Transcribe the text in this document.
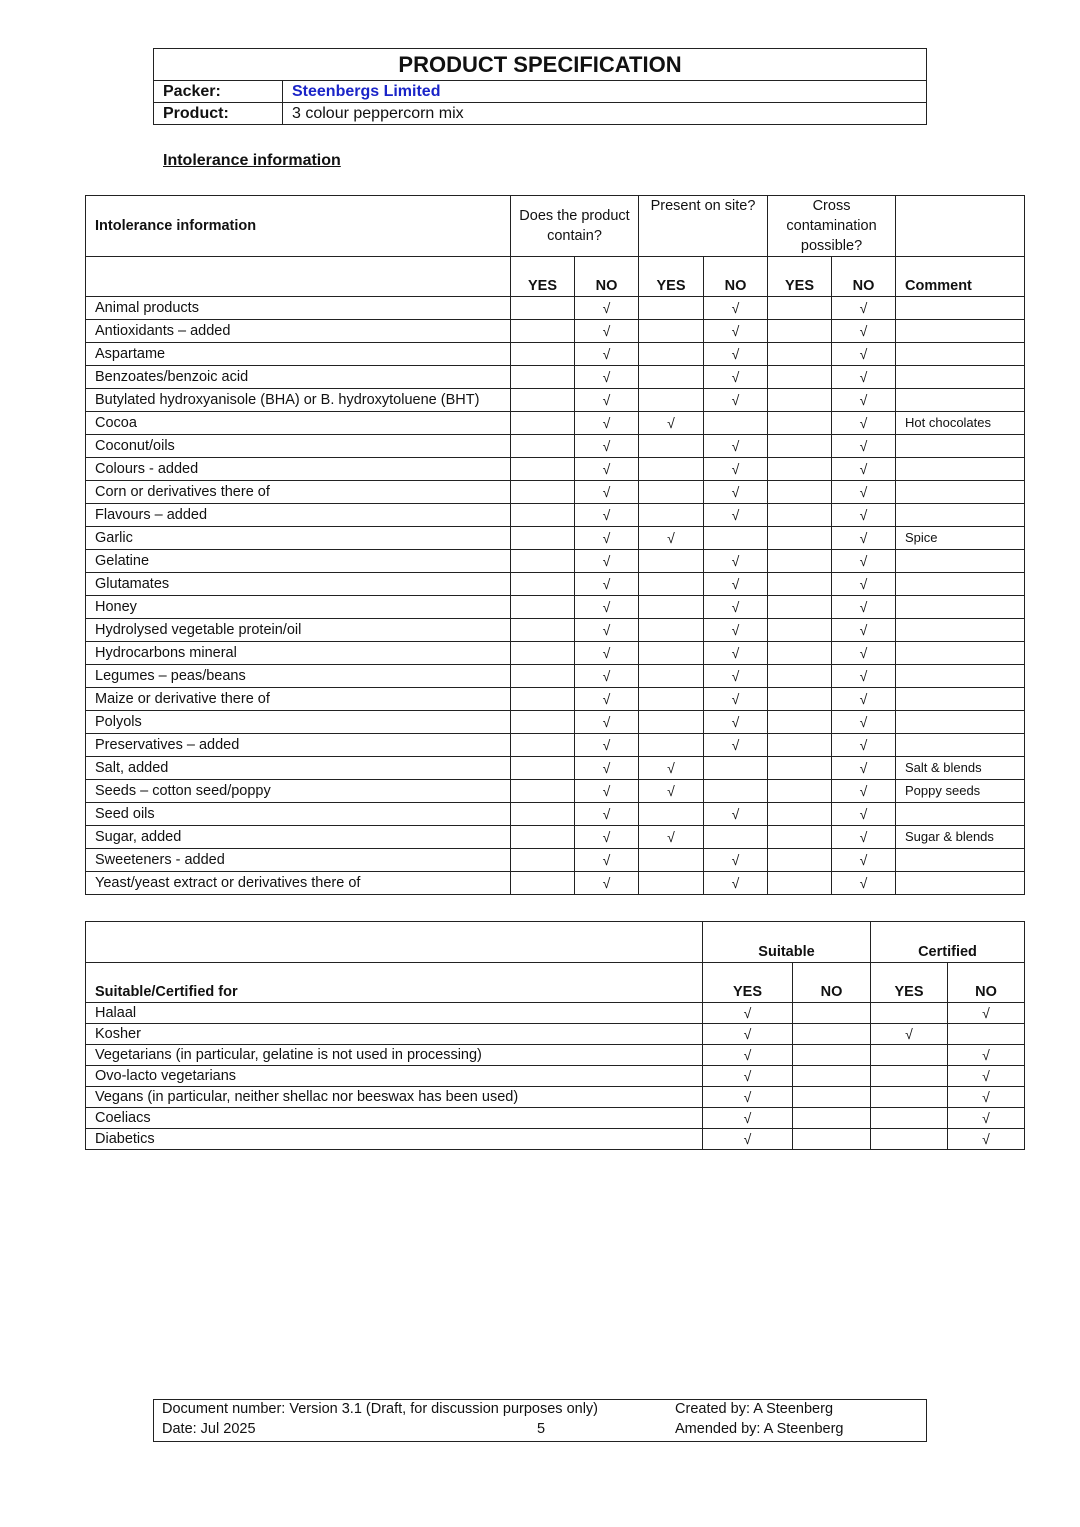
PRODUCT SPECIFICATION	
Packer:	Steenbergs Limited
Product:	3 colour peppercorn mix
Intolerance information
Intolerance information	Does the product contain?		Present on site?		Cross contamination possible?		
	YES	NO	YES	NO	YES	NO	Comment
Animal products		√		√		√	
Antioxidants – added		√		√		√	
Aspartame		√		√		√	
Benzoates/benzoic acid		√		√		√	
Butylated hydroxyanisole (BHA) or B. hydroxytoluene (BHT)		√		√		√	
Cocoa		√	√			√	Hot chocolates
Coconut/oils		√		√		√	
Colours - added		√		√		√	
Corn or derivatives there of		√		√		√	
Flavours – added		√		√		√	
Garlic		√	√			√	Spice
Gelatine		√		√		√	
Glutamates		√		√		√	
Honey		√		√		√	
Hydrolysed vegetable protein/oil		√		√		√	
Hydrocarbons mineral		√		√		√	
Legumes – peas/beans		√		√		√	
Maize or derivative there of		√		√		√	
Polyols		√		√		√	
Preservatives – added		√		√		√	
Salt, added		√	√			√	Salt & blends
Seeds – cotton seed/poppy		√	√			√	Poppy seeds
Seed oils		√		√		√	
Sugar, added		√	√			√	Sugar & blends
Sweeteners - added		√		√		√	
Yeast/yeast extract or derivatives there of		√		√		√	
	Suitable		Certified	
Suitable/Certified for	YES	NO	YES	NO
Halaal	√			√
Kosher	√		√	
Vegetarians (in particular, gelatine is not used in processing)	√			√
Ovo-lacto vegetarians	√			√
Vegans (in particular, neither shellac nor beeswax has been used)	√			√
Coeliacs	√			√
Diabetics	√			√
Document number: Version 3.1 (Draft, for discussion purposes only)		Created by: A Steenberg
Date: Jul 2025	5	Amended by: A Steenberg
